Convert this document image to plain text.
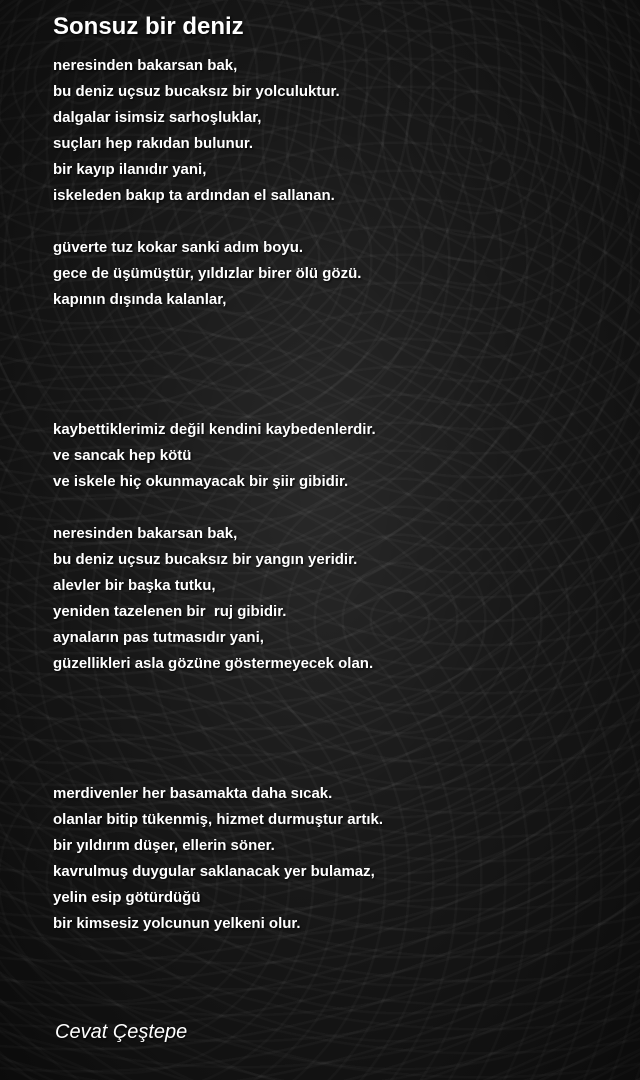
Sonsuz bir deniz
neresinden bakarsan bak,
bu deniz uçsuz bucaksız bir yolculuktur.
dalgalar isimsiz sarhoşluklar,
suçları hep rakıdan bulunur.
bir kayıp ilanıdır yani,
iskeleden bakıp ta ardından el sallanan.
güverte tuz kokar sanki adım boyu.
gece de üşümüştür, yıldızlar birer ölü gözü.
kapının dışında kalanlar,
kaybettiklerimiz değil kendini kaybedenlerdir.
ve sancak hep kötü
ve iskele hiç okunmayacak bir şiir gibidir.
neresinden bakarsan bak,
bu deniz uçsuz bucaksız bir yangın yeridir.
alevler bir başka tutku,
yeniden tazelenen bir  ruj gibidir.
aynaların pas tutmasıdır yani,
güzellikleri asla gözüne göstermeyecek olan.
merdivenler her basamakta daha sıcak.
olanlar bitip tükenmiş, hizmet durmuştur artık.
bir yıldırım düşer, ellerin söner.
kavrulmuş duygular saklanacak yer bulamaz,
yelin esip götürdüğü
bir kimsesiz yolcunun yelkeni olur.
Cevat Çeştepe
